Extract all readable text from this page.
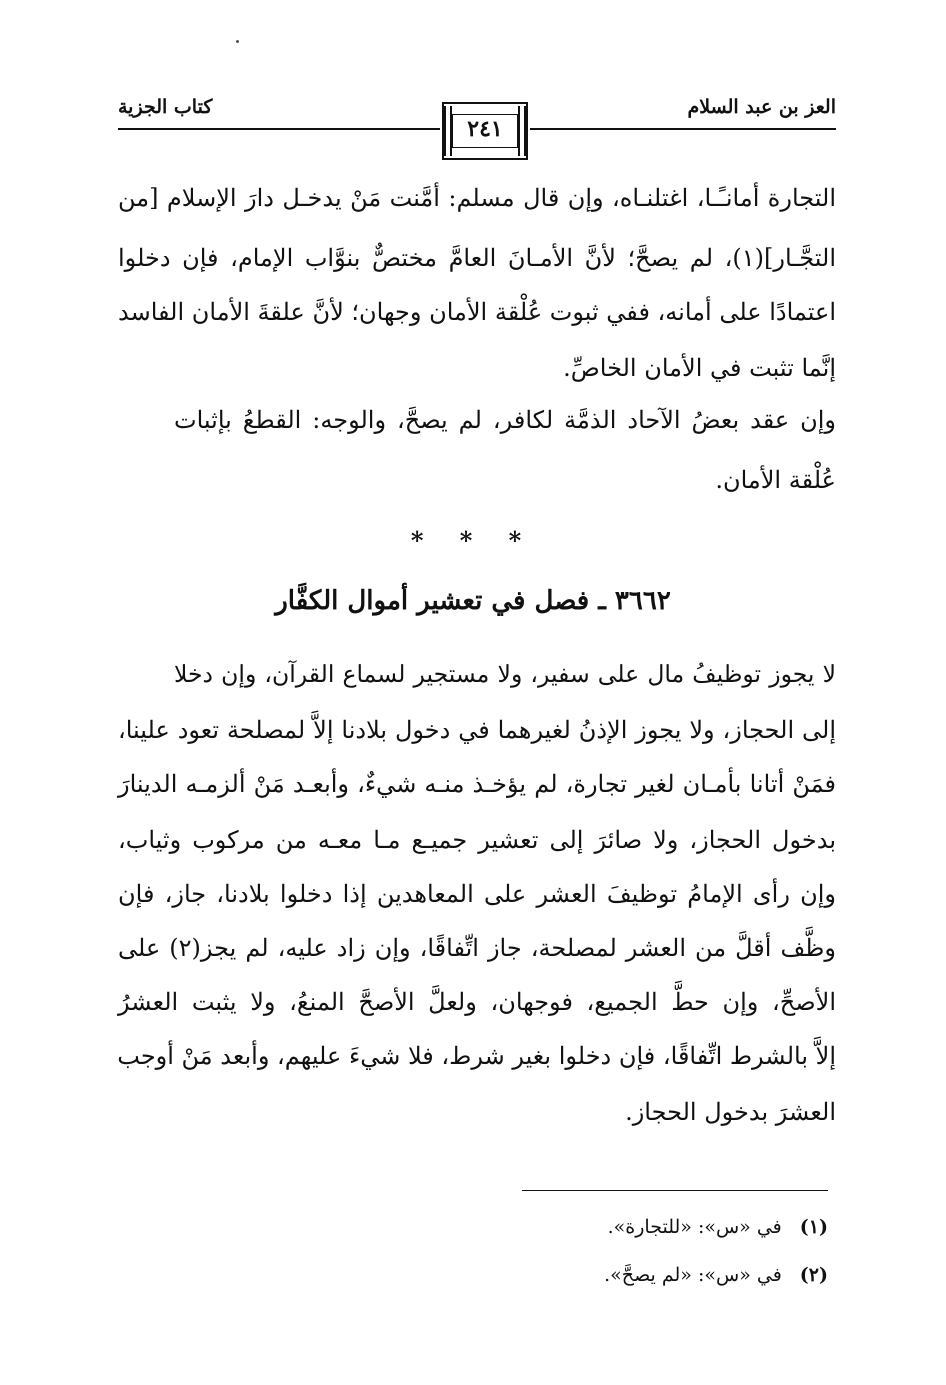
العز بن عبد السلام
كتاب الجزية
٢٤١
التجارة أمانـًـا، اغتلنـاه، وإن قال مسلم: أمَّنت مَنْ يدخـل دارَ الإسلام [من
التجَّـار](١)، لم يصحَّ؛ لأنَّ الأمـانَ العامَّ مختصٌّ بنوَّاب الإمام، فإن دخلوا
اعتمادًا على أمانه، ففي ثبوت عُلْقة الأمان وجهان؛ لأنَّ علقةَ الأمان الفاسد
إنَّما تثبت في الأمان الخاصِّ.
وإن عقد بعضُ الآحاد الذمَّة لكافر، لم يصحَّ، والوجه: القطعُ بإثبات
عُلْقة الأمان.
* * *
٣٦٦٢ ـ فصل في تعشير أموال الكفَّار
لا يجوز توظيفُ مال على سفير، ولا مستجير لسماع القرآن، وإن دخلا
إلى الحجاز، ولا يجوز الإذنُ لغيرهما في دخول بلادنا إلاَّ لمصلحة تعود علينا،
فمَنْ أتانا بأمـان لغير تجارة، لم يؤخـذ منـه شيءٌ، وأبعـد مَنْ ألزمـه الدينارَ
بدخول الحجاز، ولا صائرَ إلى تعشير جميـع مـا معـه من مركوب وثياب،
وإن رأى الإمامُ توظيفَ العشر على المعاهدين إذا دخلوا بلادنا، جاز، فإن
وظَّف أقلَّ من العشر لمصلحة، جاز اتِّفاقًا، وإن زاد عليه، لم يجز(٢) على
الأصحِّ، وإن حطَّ الجميع، فوجهان، ولعلَّ الأصحَّ المنعُ، ولا يثبت العشرُ
إلاَّ بالشرط اتِّفاقًا، فإن دخلوا بغير شرط، فلا شيءَ عليهم، وأبعد مَنْ أوجب
العشرَ بدخول الحجاز.
(١)في «س»: «للتجارة».
(٢)في «س»: «لم يصحَّ».
